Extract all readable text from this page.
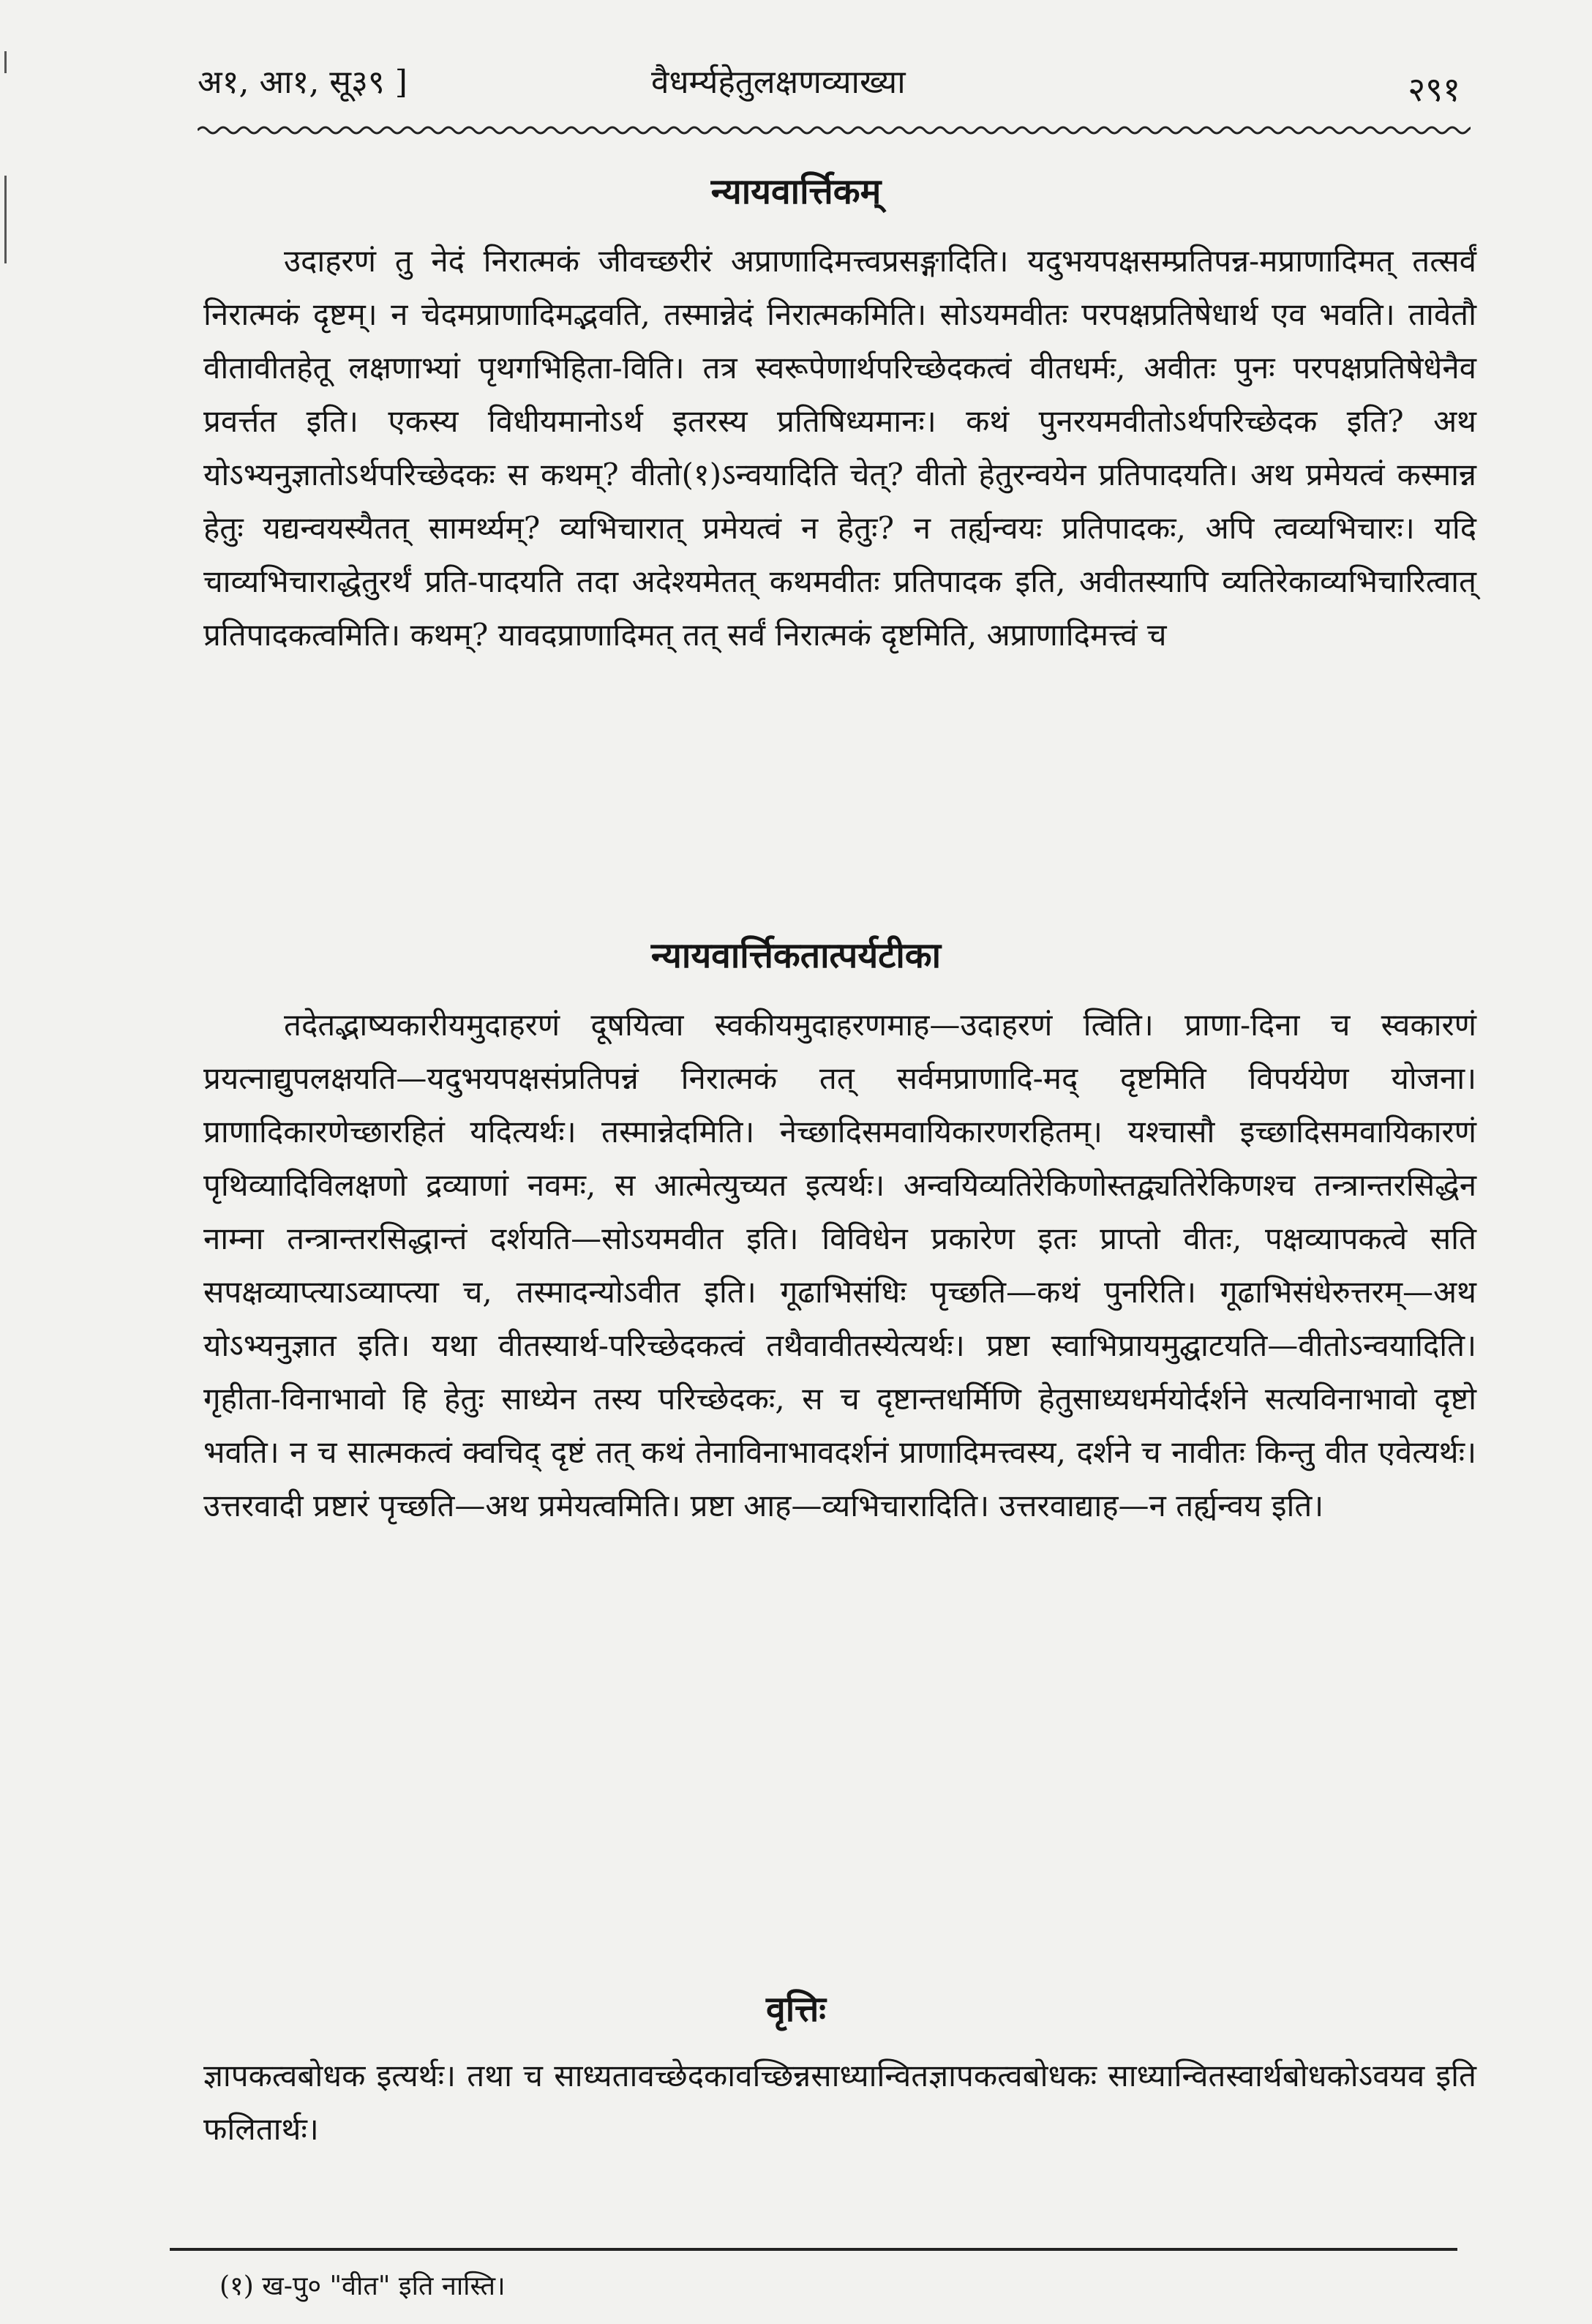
अ१, आ१, सू३९ ]	वैधर्म्यहेतुलक्षणव्याख्या	२९१
न्यायवार्त्तिकम्

उदाहरणं तु नेदं निरात्मकं जीवच्छरीरं अप्राणादिमत्त्वप्रसङ्गादिति। यदुभयपक्षसम्प्रतिपन्न-मप्राणादिमत् तत्सर्वं निरात्मकं दृष्टम्। न चेदमप्राणादिमद्भवति, तस्मान्नेदं निरात्मकमिति। सोऽयमवीतः परपक्षप्रतिषेधार्थ एव भवति। तावेतौ वीतावीतहेतू लक्षणाभ्यां पृथगभिहिता-विति। तत्र स्वरूपेणार्थपरिच्छेदकत्वं वीतधर्मः, अवीतः पुनः परपक्षप्रतिषेधेनैव प्रवर्त्तत इति। एकस्य विधीयमानोऽर्थ इतरस्य प्रतिषिध्यमानः। कथं पुनरयमवीतोऽर्थपरिच्छेदक इति? अथ योऽभ्यनुज्ञातोऽर्थपरिच्छेदकः स कथम्? वीतो(१)ऽन्वयादिति चेत्? वीतो हेतुरन्वयेन प्रतिपादयति। अथ प्रमेयत्वं कस्मान्न हेतुः यद्यन्वयस्यैतत् सामर्थ्यम्? व्यभिचारात् प्रमेयत्वं न हेतुः? न तर्ह्यन्वयः प्रतिपादकः, अपि त्वव्यभिचारः। यदि चाव्यभिचाराद्धेतुरर्थं प्रति-पादयति तदा अदेश्यमेतत् कथमवीतः प्रतिपादक इति, अवीतस्यापि व्यतिरेकाव्यभिचारित्वात् प्रतिपादकत्वमिति। कथम्? यावदप्राणादिमत् तत् सर्वं निरात्मकं दृष्टमिति, अप्राणादिमत्त्वं च

न्यायवार्त्तिकतात्पर्यटीका

तदेतद्भाष्यकारीयमुदाहरणं दूषयित्वा स्वकीयमुदाहरणमाह—उदाहरणं त्विति। प्राणा-दिना च स्वकारणं प्रयत्नाद्युपलक्षयति—यदुभयपक्षसंप्रतिपन्नं निरात्मकं तत् सर्वमप्राणादि-मद् दृष्टमिति विपर्ययेण योजना। प्राणादिकारणेच्छारहितं यदित्यर्थः। तस्मान्नेदमिति। नेच्छादिसमवायिकारणरहितम्। यश्चासौ इच्छादिसमवायिकारणं पृथिव्यादिविलक्षणो द्रव्याणां नवमः, स आत्मेत्युच्यत इत्यर्थः। अन्वयिव्यतिरेकिणोस्तद्व्यतिरेकिणश्च तन्त्रान्तरसिद्धेन नाम्ना तन्त्रान्तरसिद्धान्तं दर्शयति—सोऽयमवीत इति। विविधेन प्रकारेण इतः प्राप्तो वीतः, पक्षव्यापकत्वे सति सपक्षव्याप्त्याऽव्याप्त्या च, तस्मादन्योऽवीत इति। गूढाभिसंधिः पृच्छति—कथं पुनरिति। गूढाभिसंधेरुत्तरम्—अथ योऽभ्यनुज्ञात इति। यथा वीतस्यार्थ-परिच्छेदकत्वं तथैवावीतस्येत्यर्थः। प्रष्टा स्वाभिप्रायमुद्घाटयति—वीतोऽन्वयादिति। गृहीता-विनाभावो हि हेतुः साध्येन तस्य परिच्छेदकः, स च दृष्टान्तधर्मिणि हेतुसाध्यधर्मयोर्दर्शने सत्यविनाभावो दृष्टो भवति। न च सात्मकत्वं क्वचिद् दृष्टं तत् कथं तेनाविनाभावदर्शनं प्राणादिमत्त्वस्य, दर्शने च नावीतः किन्तु वीत एवेत्यर्थः। उत्तरवादी प्रष्टारं पृच्छति—अथ प्रमेयत्वमिति। प्रष्टा आह—व्यभिचारादिति। उत्तरवाद्याह—न तर्ह्यन्वय इति।

वृत्तिः

ज्ञापकत्वबोधक इत्यर्थः। तथा च साध्यतावच्छेदकावच्छिन्नसाध्यान्वितज्ञापकत्वबोधकः साध्यान्वितस्वार्थबोधकोऽवयव इति फलितार्थः।

(१) ख-पु० "वीत" इति नास्ति।
